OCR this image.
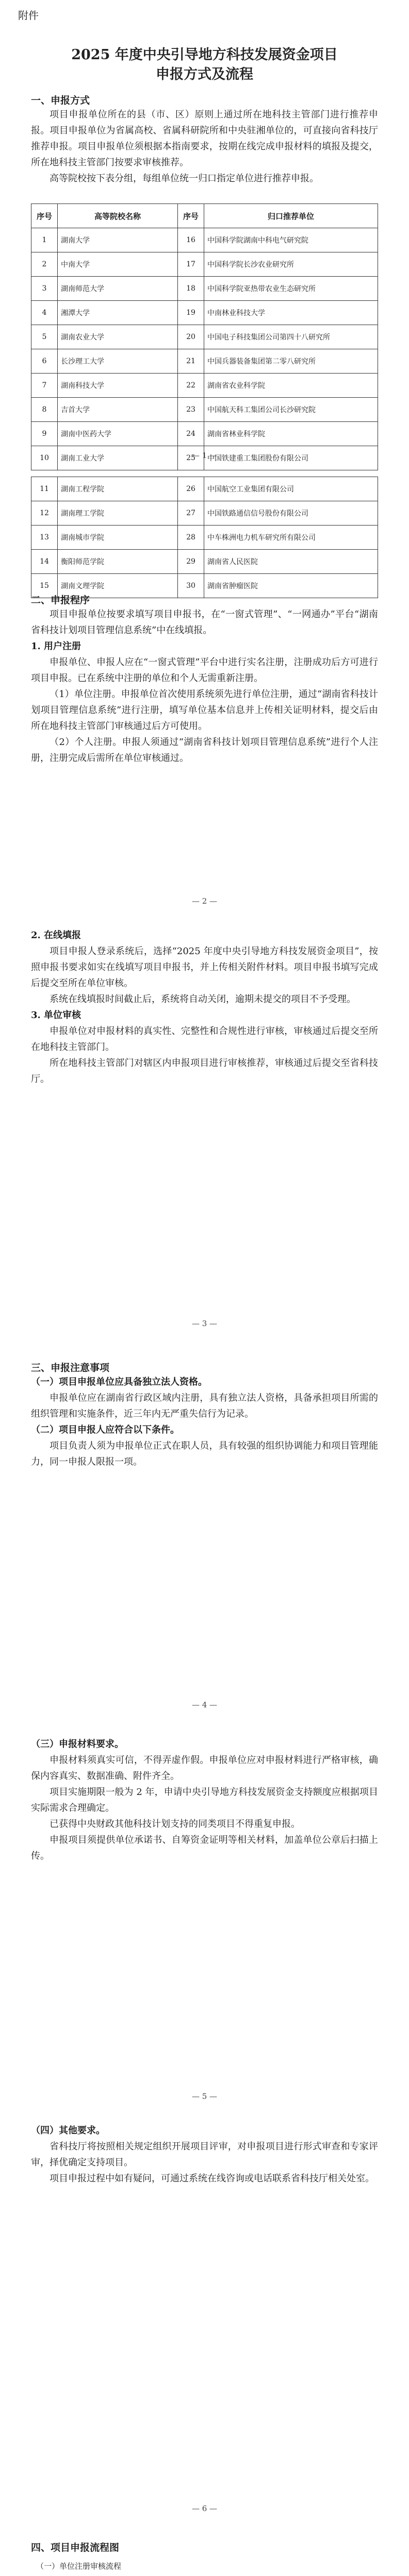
附件
2025 年度中央引导地方科技发展资金项目
申报方式及流程

一、申报方式

项目申报单位所在的县（市、区）原则上通过所在地科技主管部门进行推荐申报。项目申报单位为省属高校、省属科研院所和中央驻湘单位的，可直接向省科技厅推荐申报。项目申报单位须根据本指南要求，按期在线完成申报材料的填报及提交，所在地科技主管部门按要求审核推荐。

高等院校按下表分组，每组单位统一归口指定单位进行推荐申报。

序号	高等院校名称	序号	归口推荐单位
1	湖南大学	16	中国科学院湖南中科电气研究院
2	中南大学	17	中国科学院长沙农业研究所
3	湖南师范大学	18	中国科学院亚热带农业生态研究所
4	湘潭大学	19	中南林业科技大学
5	湖南农业大学	20	中国电子科技集团公司第四十八研究所
6	长沙理工大学	21	中国兵器装备集团第二零八研究所
7	湖南科技大学	22	湖南省农业科学院
8	吉首大学	23	中国航天科工集团公司长沙研究院
9	湖南中医药大学	24	湖南省林业科学院
10	湖南工业大学	25	中国铁建重工集团股份有限公司
— 1 —
11	湖南工程学院	26	中国航空工业集团有限公司
12	湖南理工学院	27	中国铁路通信信号股份有限公司
13	湖南城市学院	28	中车株洲电力机车研究所有限公司
14	衡阳师范学院	29	湖南省人民医院
15	湖南文理学院	30	湖南省肿瘤医院

二、申报程序

项目申报单位按要求填写项目申报书，在“一窗式管理”、“一网通办”平台“湖南省科技计划项目管理信息系统”中在线填报。

1. 用户注册

申报单位、申报人应在“一窗式管理”平台中进行实名注册，注册成功后方可进行项目申报。已在系统中注册的单位和个人无需重新注册。

（1）单位注册。申报单位首次使用系统须先进行单位注册，通过“湖南省科技计划项目管理信息系统”进行注册，填写单位基本信息并上传相关证明材料，提交后由所在地科技主管部门审核通过后方可使用。

（2）个人注册。申报人须通过“湖南省科技计划项目管理信息系统”进行个人注册，注册完成后需所在单位审核通过。

— 2 —

2. 在线填报

项目申报人登录系统后，选择“2025 年度中央引导地方科技发展资金项目”，按照申报书要求如实在线填写项目申报书，并上传相关附件材料。项目申报书填写完成后提交至所在单位审核。

系统在线填报时间截止后，系统将自动关闭，逾期未提交的项目不予受理。

3. 单位审核

申报单位对申报材料的真实性、完整性和合规性进行审核，审核通过后提交至所在地科技主管部门。

所在地科技主管部门对辖区内申报项目进行审核推荐，审核通过后提交至省科技厅。

— 3 —

三、申报注意事项

（一）项目申报单位应具备独立法人资格。

申报单位应在湖南省行政区域内注册，具有独立法人资格，具备承担项目所需的组织管理和实施条件，近三年内无严重失信行为记录。

（二）项目申报人应符合以下条件。

项目负责人须为申报单位正式在职人员，具有较强的组织协调能力和项目管理能力，同一申报人限报一项。

— 4 —

（三）申报材料要求。

申报材料须真实可信，不得弄虚作假。申报单位应对申报材料进行严格审核，确保内容真实、数据准确、附件齐全。

项目实施期限一般为 2 年，申请中央引导地方科技发展资金支持额度应根据项目实际需求合理确定。

已获得中央财政其他科技计划支持的同类项目不得重复申报。

申报项目须提供单位承诺书、自筹资金证明等相关材料，加盖单位公章后扫描上传。

— 5 —

（四）其他要求。

省科技厅将按照相关规定组织开展项目评审，对申报项目进行形式审查和专家评审，择优确定支持项目。

项目申报过程中如有疑问，可通过系统在线咨询或电话联系省科技厅相关处室。

— 6 —

四、项目申报流程图

（一）单位注册审核流程
